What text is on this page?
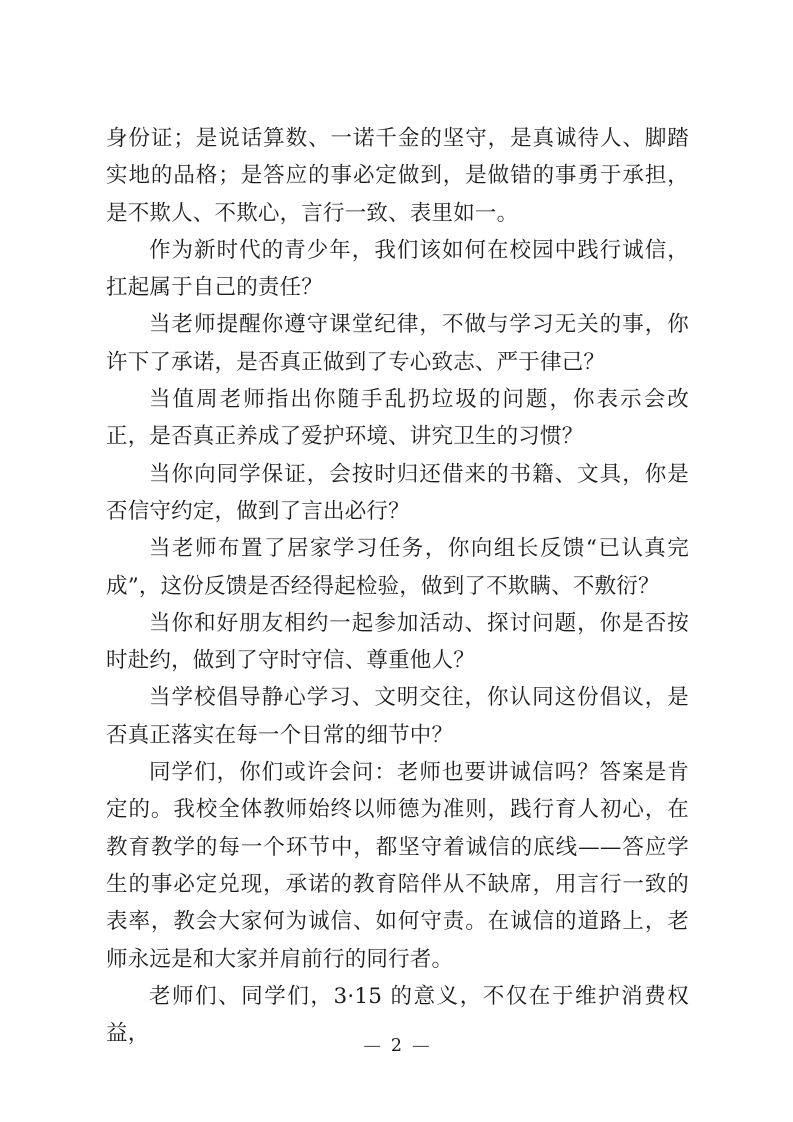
身份证；是说话算数、一诺千金的坚守，是真诚待人、脚踏实地的品格；是答应的事必定做到，是做错的事勇于承担，是不欺人、不欺心，言行一致、表里如一。

作为新时代的青少年，我们该如何在校园中践行诚信，扛起属于自己的责任？

当老师提醒你遵守课堂纪律，不做与学习无关的事，你许下了承诺，是否真正做到了专心致志、严于律己？

当值周老师指出你随手乱扔垃圾的问题，你表示会改正，是否真正养成了爱护环境、讲究卫生的习惯？

当你向同学保证，会按时归还借来的书籍、文具，你是否信守约定，做到了言出必行？

当老师布置了居家学习任务，你向组长反馈“已认真完成”，这份反馈是否经得起检验，做到了不欺瞒、不敷衍？

当你和好朋友相约一起参加活动、探讨问题，你是否按时赴约，做到了守时守信、尊重他人？

当学校倡导静心学习、文明交往，你认同这份倡议，是否真正落实在每一个日常的细节中？

同学们，你们或许会问：老师也要讲诚信吗？答案是肯定的。我校全体教师始终以师德为准则，践行育人初心，在教育教学的每一个环节中，都坚守着诚信的底线——答应学生的事必定兑现，承诺的教育陪伴从不缺席，用言行一致的表率，教会大家何为诚信、如何守责。在诚信的道路上，老师永远是和大家并肩前行的同行者。

老师们、同学们，3·15 的意义，不仅在于维护消费权益，	— 2 —
